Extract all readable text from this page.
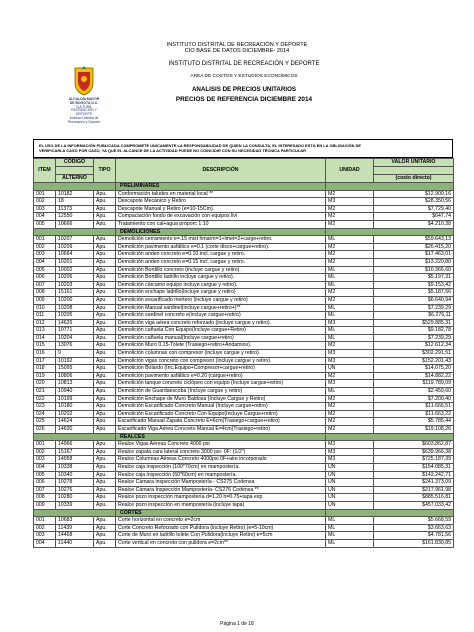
INSTITUTO DISTRITAL DE RECREACIÓN Y DEPORTE
CIO BASE DE DATOS DICIEMBRE- 2014
ALCALDÍA MAYOR
DE BOGOTÁ D.C.
CULTURA, RECREACIÓN Y DEPORTE
Instituto Distrital de Recreación y Deporte
INSTITUTO DISTRITAL DE RECREACIÓN Y DEPORTE
AREA DE COSTOS Y ESTUDIOS ECONOMICOS
ANALISIS DE PRECIOS UNITARIOS
PRECIOS DE REFERENCIA DICIEMBRE 2014
EL USO DE LA INFORMACIÓN PUBLICADA COMPROMETE ÚNICAMENTE LA RESPONSABILIDAD DE QUIEN LA CONSULTA, EL INTERESADO ESTÁ EN LA OBLIGACIÓN DE
VERIFICARLA CASO POR CASO, YA QUE EL ALCANCE DE LA ACTIVIDAD PUEDE NO COINCIDIR CON SU NECESIDAD TÉCNICA PARTICULAR
ITEM	CÓDIGO	TIPO	DESCRIPCIÓN	UNIDAD	VALOR UNITARIO

	ALTERNO				(costo directo)
			PRELIMINARES		
001	10182	Apu.	Conformación taludes en material local **	M2	$12.900,16
002	18	Apu.	Descapote Mecánico y Retiro	M3	$28.350,56
003	11373	Apu.	Descapote Manual y Retiro (e=10-15Cm).	M2	$7.729,40
004	12550	Apu.	Compactación fondo de excavación con equipos livi	M2	$647,74
005	10666	Apu.	Tratamiento con cal+agua proporc 1:10	M2	$4.210,38
			DEMOLICIONES		
001	10207	Apu.	Demolición cerramiento e=.15 mist hmarm=1+lmet=2+carge+retiro.	ML	$59.643,13
002	10209	Apu.	Demolición pavimento asfáltico e=0.1 (corte disco+cargue+retiro).	M2	$26.415,20
003	10664	Apu.	Demolición anden concreto e=0.10 incl. cargue y retiro.	M2	$17.463,01
004	10201	Apu.	Demolición anden concreto e=0.15 incl. cargue y retiro.	M2	$13.220,80
005	10002	Apu.	Demolición Bordillo concreto (incluye cargue y retiro).	ML	$10.366,60
006	10206	Apu.	Demolición Bordillo ladrillo incluye cargue y retiro).	ML	$5.197,31
007	10203	Apu.	Demolición cárcamo equipo incluye cargue y retiro).	ML	$9.153,42
008	15161	Apu.	Demolición enchape ladrillo(incluye cargue y retiro)	M2	$5.187,56
009	10200	Apu.	Demolición escarificado mortero (incluye cargue y retiro)	M2	$6.640,94
010	10208	Apu.	Demolición Manual sardinel(incluye cargue+retiro+)**	ML	$7.239,29
011	10205	Apu.	Demolición sardinel concreto e(incluye cargue+retiro)	ML	$6.276,11
012	14626	Apu.	Demolición viga aérea concreto reforzado (incluye cargue y retiro).	M3	$529.885,31
013	10771	Apu.	Demolición cañuela Con Equipo(Incluye cargue+Retiro)	ML	$9.182,78
014	10204	Apu.	Demolición cañuela manual(Incluye cargue+retiro)	ML	$7.239,29
015	13076	Apu.	Demolición Muro 0.15-Tolete (Trasiego+retiro+Andamios).	M2	$12.612,34
016	9	Apu.	Demolición columnas con compresor (incluye cargue y retiro).	M3	$302.291,51
017	10192	Apu.	Demolición vigas concreto con compresor (incluye cargue y retiro).	M3	$152.201,43
018	15095	Apu.	Demolición Bolardo (Inc.Equipo+Compresor+cargue+retiro)	UN	$14.075,20
019	10806	Apu.	Demolición pavimento asfáltico e=0.20 (cargue+retiro)	M2	$14.882,22
020	10813	Apu.	Demolición tanque concreto ciclópeo con equipo (Incluye cargue+retiro)	M3	$119.789,09
021	10940	Apu.	Demolición de Guardaescoba (Incluye cargue y retiro)	ML	$2.459,60
022	10199	Apu.	Demolición Enchape de Muro Baldosa (Incluye Cargue y Retiro)	M2	$7.200,40
023	10180	Apu.	Demolición Escarificado Concreto Manual (Incluye cargue+retiro)	M2	$11.666,51
024	10202	Apu.	Demolición Escarificado Concreto Con Equipo(Incluye Cargue+retiro)	M2	$11.663,22
025	14624	Apu.	Escarificado Manual Zapata Concreto E=6cm(Trasiego+cargue+retiro)	M2	$5.785,44
026	14630	Apu.	Escarificado Viga Aérea Concreto Manual E=4cm(Trasiego+retiro)	M2	$19.108,26
			REALCES		
001	14966	Apu.	Realce Vigas Aéreas Concreto 4000 psi	M3	$603.862,87
002	15167	Apu.	Realce zapata cara lateral concreto 3000 psi- 0F: (1/2")	M3	$639.966,38
003	14958	Apu.	Realce Columnas Aéreas Concreto 4000psi 0F+aire incorporado	M3	$725.187,39
004	10338	Apu.	Realce caja inspección (100*70cm) en mampostería.	UN	$154.085,31
005	10340	Apu.	Realce caja inspección (60*60cm) en mampostería.	UN	$142.242,71
006	10278	Apu.	Realce Cámara inspección Mampostería - CS275 Codensa	UN	$241.373,09
007	10276	Apu.	Realce Cámara Inspección Mampostería- CS276 Codensa **	UN	$217.961,98
008	10280	Apu.	Realce pozo inspección mampostería d=1.20 h=0.75+tapa esp	UN	$885.516,81
009	10339	Apu.	Realce pozo inspección en mampostería (incluye tapa)	UN	$457.033,42
			CORTES		
001	10683	Apu.	Corte horizontal en concreto e=2cm	ML	$5.668,59
002	11439	Apu.	Corte Concreto Reforzado con Pulidora (incluye Retiro) (e=5-10cm)	ML	$3.663,63
003	14468	Apu.	Corte de Muro en ladrillo tolete Con Pulidora(incluye Retiro) e=5cm	ML	$4.781,56
004	11440	Apu.	Corte vertical en concreto con pulidora e=2cm**	ML	$161.830,85
Página 1 de 18
